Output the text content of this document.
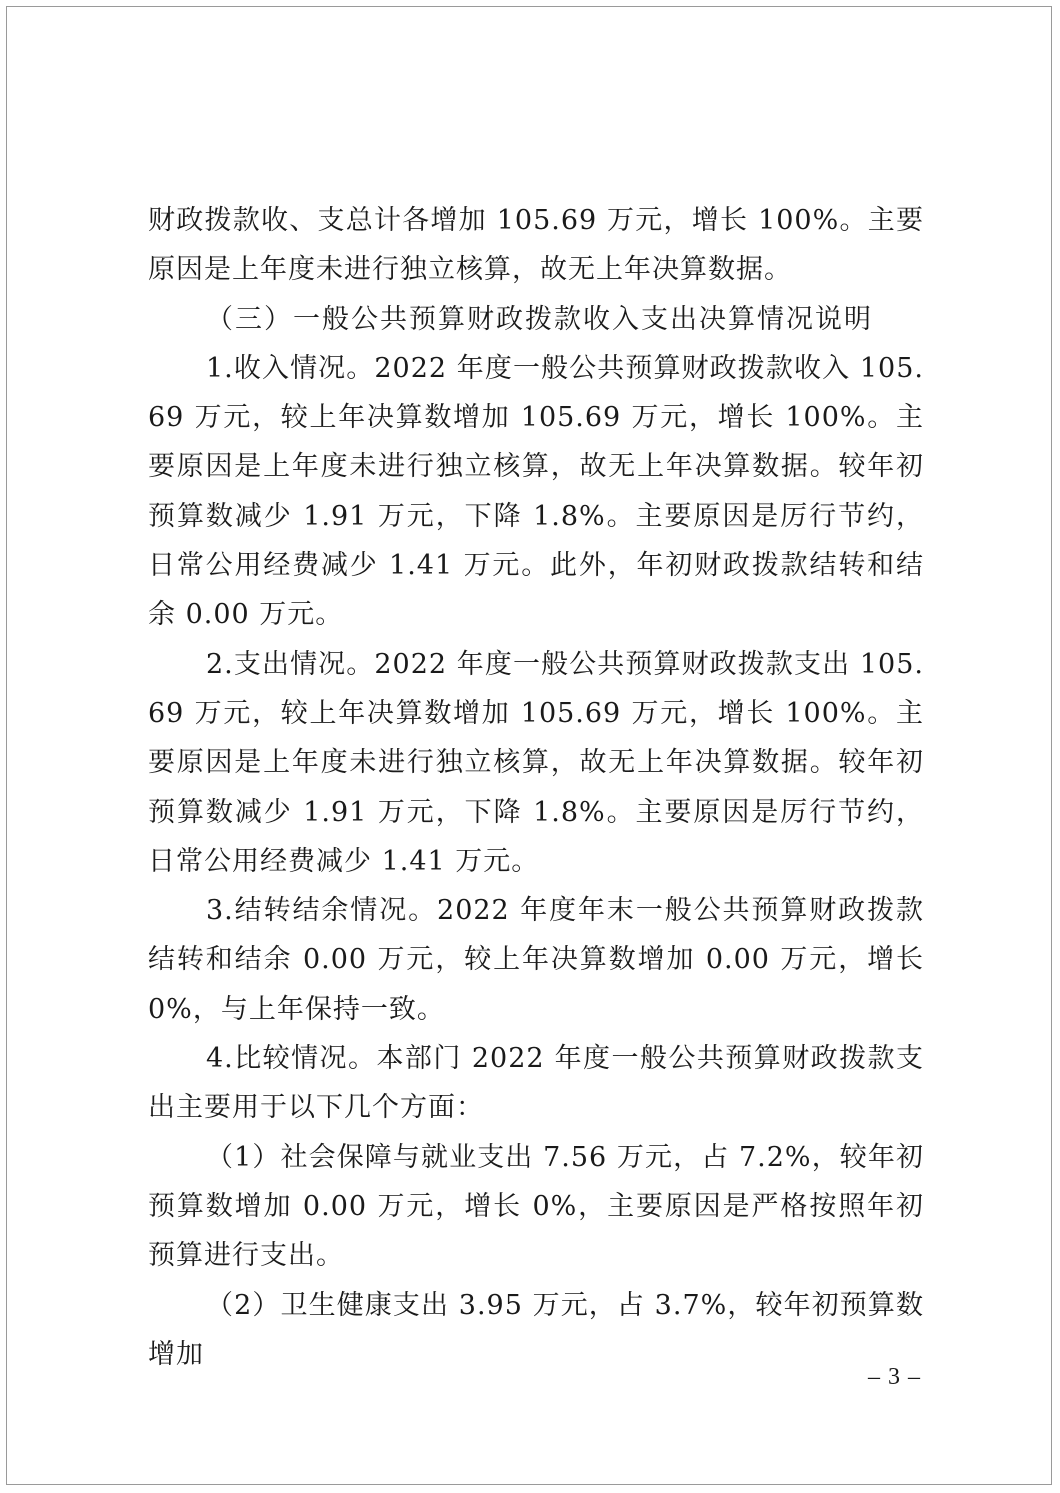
财政拨款收、支总计各增加 105.69 万元，增长 100%。主要原因是上年度未进行独立核算，故无上年决算数据。

（三）一般公共预算财政拨款收入支出决算情况说明

1.收入情况。2022 年度一般公共预算财政拨款收入 105.69 万元，较上年决算数增加 105.69 万元，增长 100%。主要原因是上年度未进行独立核算，故无上年决算数据。较年初预算数减少 1.91 万元，下降 1.8%。主要原因是厉行节约，日常公用经费减少 1.41 万元。此外，年初财政拨款结转和结余 0.00 万元。

2.支出情况。2022 年度一般公共预算财政拨款支出 105.69 万元，较上年决算数增加 105.69 万元，增长 100%。主要原因是上年度未进行独立核算，故无上年决算数据。较年初预算数减少 1.91 万元，下降 1.8%。主要原因是厉行节约，日常公用经费减少 1.41 万元。

3.结转结余情况。2022 年度年末一般公共预算财政拨款结转和结余 0.00 万元，较上年决算数增加 0.00 万元，增长 0%，与上年保持一致。

4.比较情况。本部门 2022 年度一般公共预算财政拨款支出主要用于以下几个方面：

（1）社会保障与就业支出 7.56 万元，占 7.2%，较年初预算数增加 0.00 万元，增长 0%，主要原因是严格按照年初预算进行支出。

（2）卫生健康支出 3.95 万元，占 3.7%，较年初预算数增加

– 3 –
